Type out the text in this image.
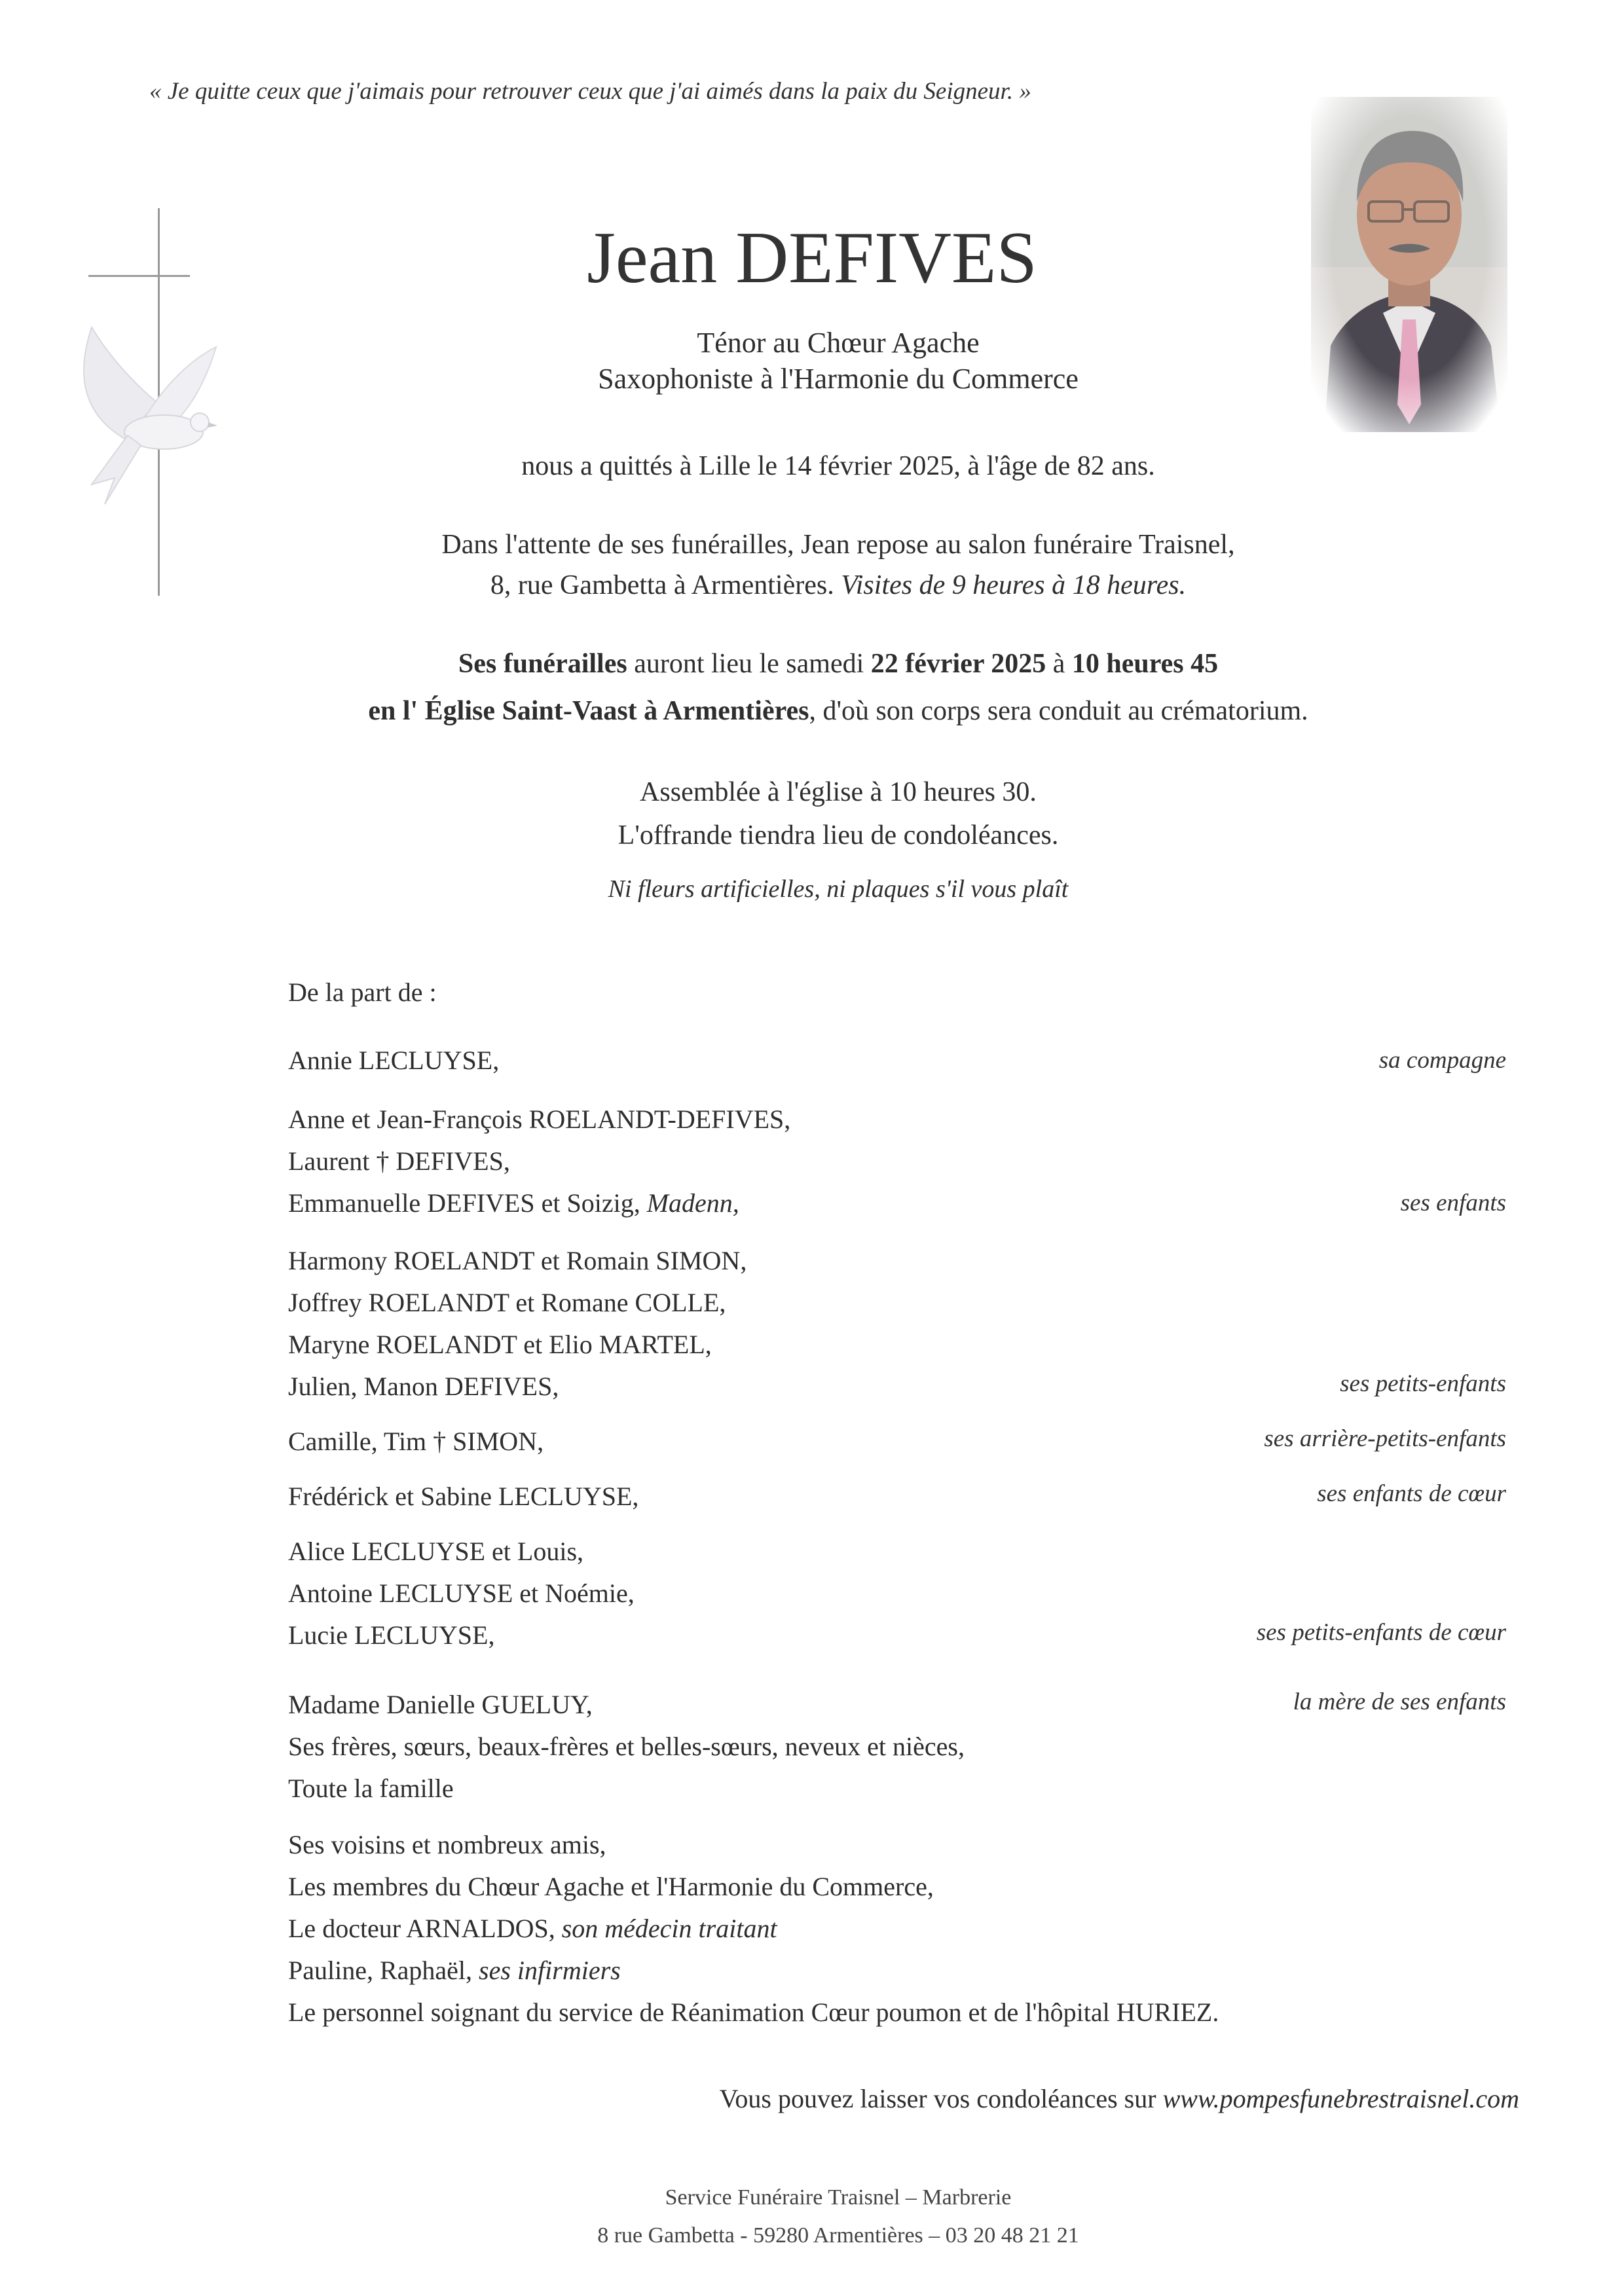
« Je quitte ceux que j'aimais pour retrouver ceux que j'ai aimés dans la paix du Seigneur. »
Jean DEFIVES
Ténor au Chœur Agache
Saxophoniste à l'Harmonie du Commerce
nous a quittés à Lille le 14 février 2025, à l'âge de 82 ans.
Dans l'attente de ses funérailles, Jean repose au salon funéraire Traisnel,
8, rue Gambetta à Armentières. Visites de 9 heures à 18 heures.
Ses funérailles auront lieu le samedi 22 février 2025 à 10 heures 45
en l' Église Saint-Vaast à Armentières, d'où son corps sera conduit au crématorium.
Assemblée à l'église à 10 heures 30.
L'offrande tiendra lieu de condoléances.
Ni fleurs artificielles, ni plaques s'il vous plaît
De la part de :
Annie LECLUYSE,
Anne et Jean-François ROELANDT-DEFIVES,
Laurent † DEFIVES,
Emmanuelle DEFIVES et Soizig, Madenn,
Harmony ROELANDT et Romain SIMON,
Joffrey ROELANDT et Romane COLLE,
Maryne ROELANDT et Elio MARTEL,
Julien, Manon DEFIVES,
Camille, Tim † SIMON,
Frédérick et Sabine LECLUYSE,
Alice LECLUYSE et Louis,
Antoine LECLUYSE et Noémie,
Lucie LECLUYSE,
Madame Danielle GUELUY,
Ses frères, sœurs, beaux-frères et belles-sœurs, neveux et nièces,
Toute la famille
Ses voisins et nombreux amis,
Les membres du Chœur Agache et l'Harmonie du Commerce,
Le docteur ARNALDOS, son médecin traitant
Pauline, Raphaël, ses infirmiers
Le personnel soignant du service de Réanimation Cœur poumon et de l'hôpital HURIEZ.
sa compagne
ses enfants
ses petits-enfants
ses arrière-petits-enfants
ses enfants de cœur
ses petits-enfants de cœur
la mère de ses enfants
Vous pouvez laisser vos condoléances sur www.pompesfunebrestraisnel.com
Service Funéraire Traisnel – Marbrerie
8 rue Gambetta - 59280 Armentières – 03 20 48 21 21
